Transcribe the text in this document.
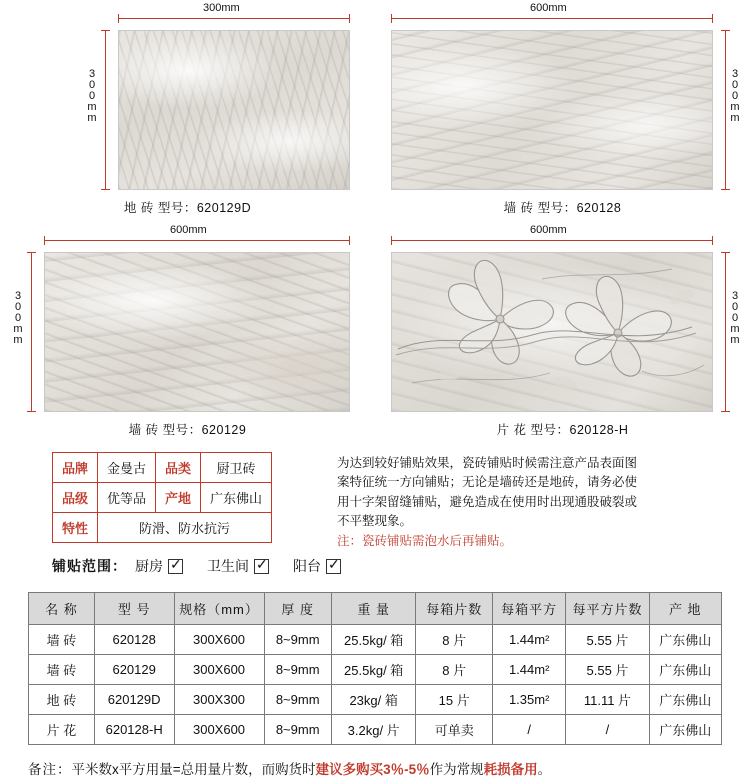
300mm
300mm
地 砖 型号：620129D
600mm
300mm
墙 砖 型号：620128
600mm
300mm
墙 砖 型号：620129
600mm
300mm
片 花 型号：620128-H
品牌	金曼古	品类	厨卫砖
品级	优等品	产地	广东佛山
特性	防滑、防水抗污		
为达到较好铺贴效果，瓷砖铺贴时候需注意产品表面图案特征统一方向铺贴；无论是墙砖还是地砖，请务必使用十字架留缝铺贴，避免造成在使用时出现通股破裂或不平整现象。
注：瓷砖铺贴需泡水后再铺贴。
铺贴范围： 厨房 ✓	卫生间 ✓	阳台
✓
名 称	型 号	规格（mm）	厚 度	重 量	每箱片数	每箱平方	每平方片数	产 地
墙 砖	620128	300X600	8~9mm	25.5kg/ 箱	8 片	1.44m²	5.55 片	广东佛山
墙 砖	620129	300X600	8~9mm	25.5kg/ 箱	8 片	1.44m²	5.55 片	广东佛山
地 砖	620129D	300X300	8~9mm	23kg/ 箱	15 片	1.35m²	11.11 片	广东佛山
片 花	620128-H	300X600	8~9mm	3.2kg/ 片	可单卖	/	/	广东佛山
备注：平米数x平方用量=总用量片数，而购货时建议多购买3％-5％作为常规耗损备用。
